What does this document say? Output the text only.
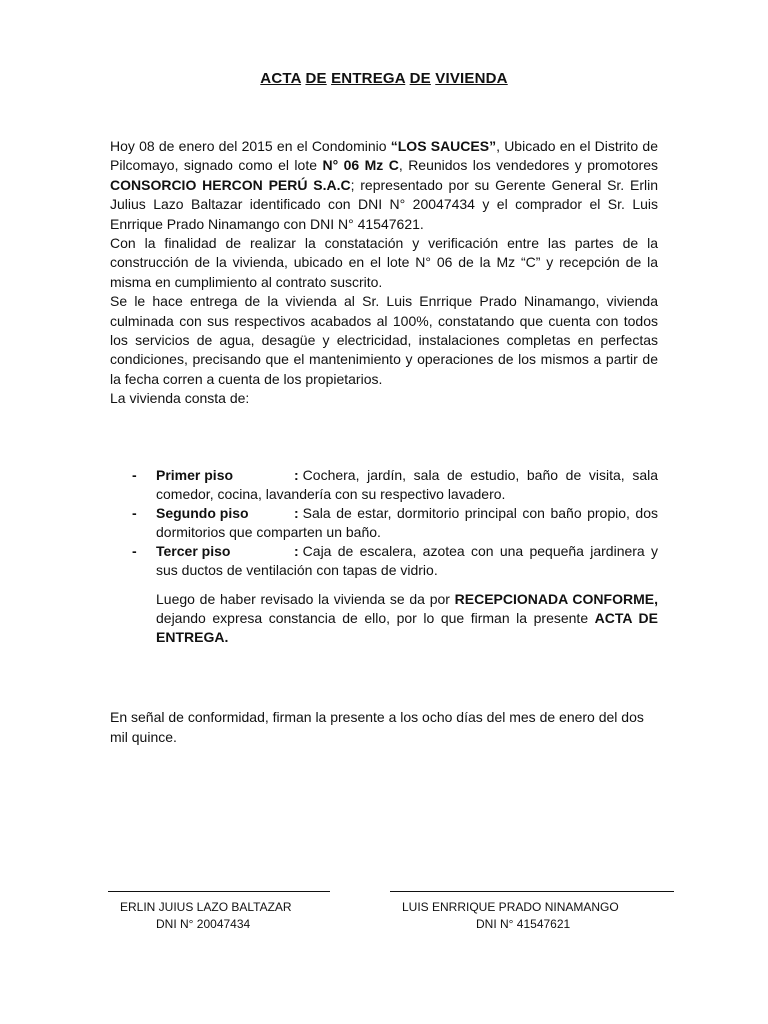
ACTA DE ENTREGA DE VIVIENDA

Hoy 08 de enero del 2015 en el Condominio “LOS SAUCES”, Ubicado en el Distrito de Pilcomayo, signado como el lote N° 06 Mz C, Reunidos los vendedores y promotores CONSORCIO HERCON PERÚ S.A.C; representado por su Gerente General Sr. Erlin Julius Lazo Baltazar identificado con DNI N° 20047434 y el comprador el Sr. Luis Enrrique Prado Ninamango con DNI N° 41547621.

Con la finalidad de realizar la constatación y verificación entre las partes de la construcción de la vivienda, ubicado en el lote N° 06 de la Mz “C” y recepción de la misma en cumplimiento al contrato suscrito.

Se le hace entrega de la vivienda al Sr. Luis Enrrique Prado Ninamango, vivienda culminada con sus respectivos acabados al 100%, constatando que cuenta con todos los servicios de agua, desagüe y electricidad, instalaciones completas en perfectas condiciones, precisando que el mantenimiento y operaciones de los mismos a partir de la fecha corren a cuenta de los propietarios.

La vivienda consta de:

- Primer piso	: Cochera, jardín, sala de estudio, baño de visita, sala comedor, cocina, lavandería con su respectivo lavadero.
- Segundo piso	: Sala de estar, dormitorio principal con baño propio, dos dormitorios que comparten un baño.
- Tercer piso	: Caja de escalera, azotea con una pequeña jardinera y sus ductos de ventilación con tapas de vidrio.
Luego de haber revisado la vivienda se da por RECEPCIONADA CONFORME, dejando expresa constancia de ello, por lo que firman la presente ACTA DE ENTREGA.
En señal de conformidad, firman la presente a los ocho días del mes de enero del dos mil quince.
ERLIN JUIUS LAZO BALTAZAR
DNI N° 20047434
LUIS ENRRIQUE PRADO NINAMANGO
DNI N° 41547621
